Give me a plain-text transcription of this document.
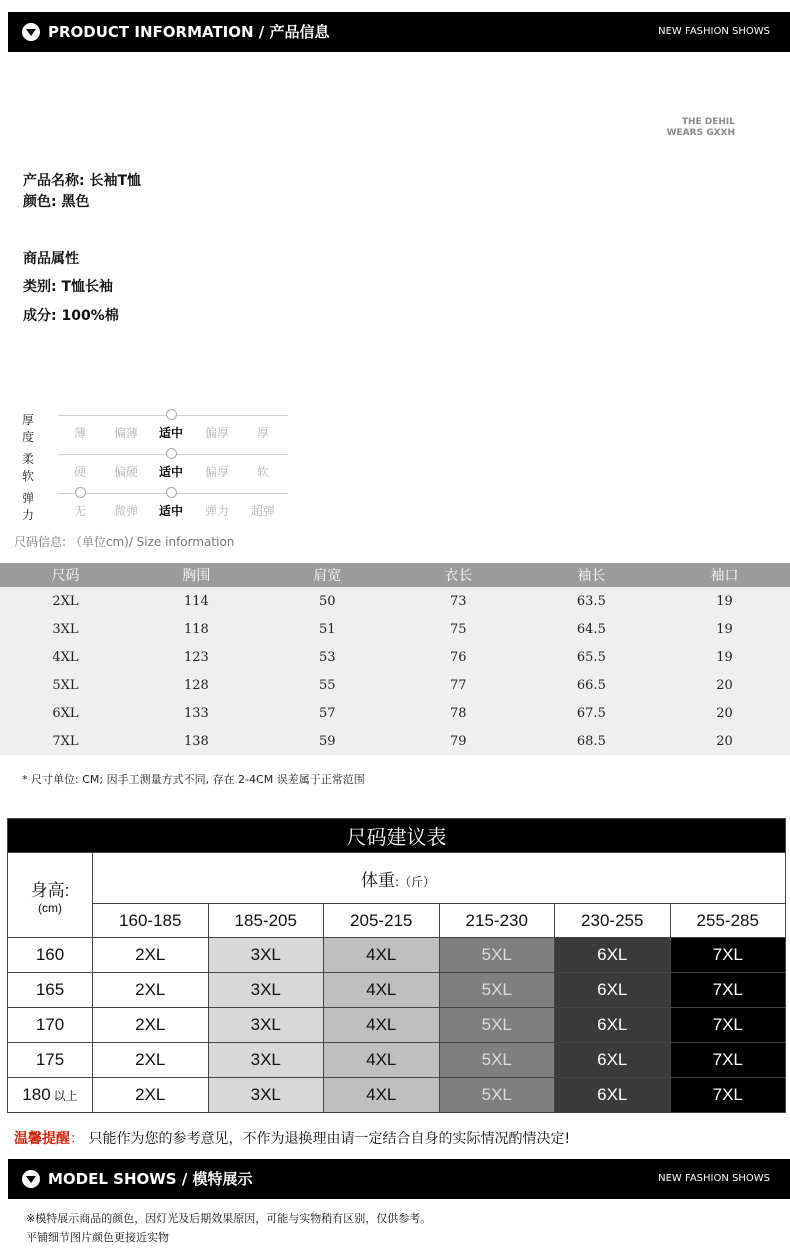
PRODUCT INFORMATION / 产品信息	NEW FASHION SHOWS
THE DEHIL
WEARS GXXH
产品名称: 长袖T恤
颜色: 黑色
商品属性
类别: T恤长袖
成分: 100%棉
厚度	薄	偏薄	适中	偏厚	厚
柔软	硬	偏硬	适中	偏厚	软
弹力	无	微弹	适中	弹力	超弹
尺码信息: （单位cm)/ Size information
尺码	胸围	肩宽	衣长	袖长	袖口
2XL	114	50	73	63.5	19
3XL	118	51	75	64.5	19
4XL	123	53	76	65.5	19
5XL	128	55	77	66.5	20
6XL	133	57	78	67.5	20
7XL	138	59	79	68.5	20
* 尺寸单位: CM; 因手工测量方式不同, 存在 2-4CM 误差属于正常范围
尺码建议表						

身高:
(cm)	体重:（斤）					
	160-185	185-205	205-215	215-230	230-255	255-285
160	2XL	3XL	4XL	5XL	6XL	7XL
165	2XL	3XL	4XL	5XL	6XL	7XL
170	2XL	3XL	4XL	5XL	6XL	7XL
175	2XL	3XL	4XL	5XL	6XL	7XL
180 以上	2XL	3XL	4XL	5XL	6XL	7XL
温馨提醒： 只能作为您的参考意见，不作为退换理由请一定结合自身的实际情况酌情决定!
MODEL SHOWS / 模特展示	NEW FASHION SHOWS
※模特展示商品的颜色，因灯光及后期效果原因，可能与实物稍有区别，仅供参考。
平铺细节图片颜色更接近实物
